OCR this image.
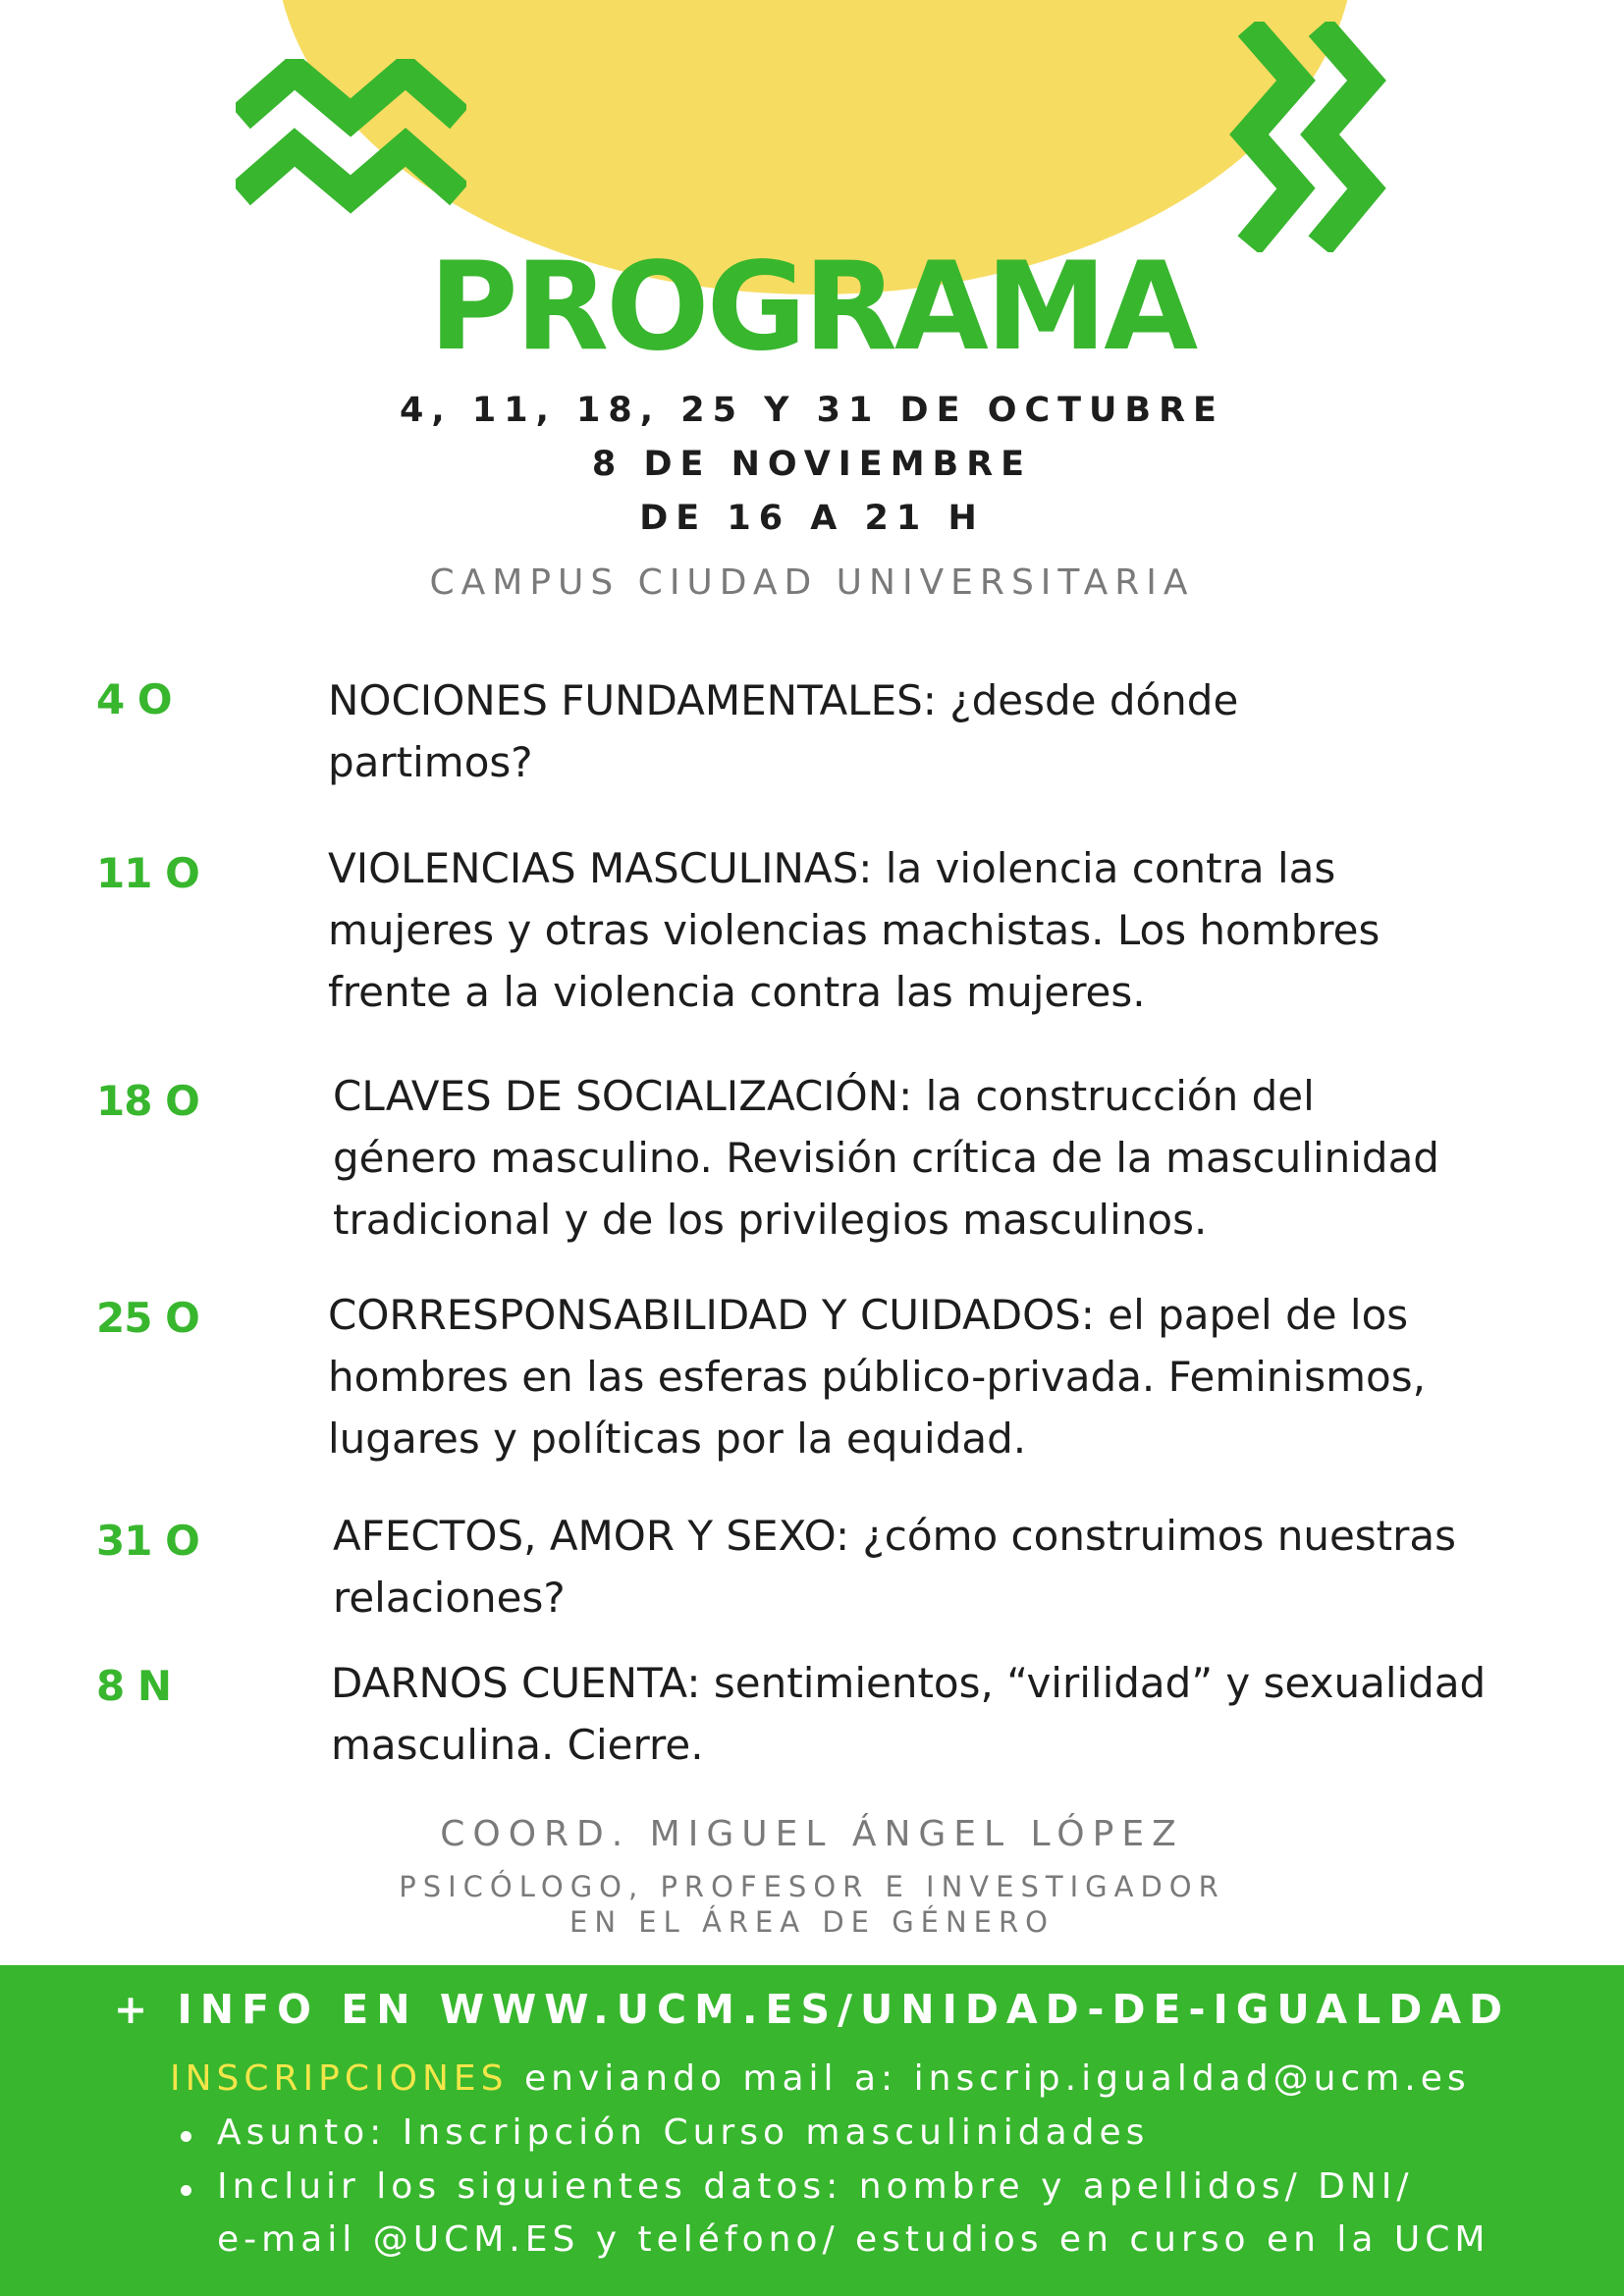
PROGRAMA
4, 11, 18, 25 Y 31 DE OCTUBRE
8 DE NOVIEMBRE
DE 16 A 21 H
CAMPUS CIUDAD UNIVERSITARIA
4 O	NOCIONES FUNDAMENTALES: ¿desde dónde
partimos?
11 O	VIOLENCIAS MASCULINAS: la violencia contra las
mujeres y otras violencias machistas. Los hombres
frente a la violencia contra las mujeres.
18 O	CLAVES DE SOCIALIZACIÓN: la construcción del
género masculino. Revisión crítica de la masculinidad
tradicional y de los privilegios masculinos.
25 O	CORRESPONSABILIDAD Y CUIDADOS: el papel de los
hombres en las esferas público-privada. Feminismos,
lugares y políticas por la equidad.
31 O	AFECTOS, AMOR Y SEXO: ¿cómo construimos nuestras
relaciones?
8 N	DARNOS CUENTA: sentimientos, “virilidad” y sexualidad
masculina. Cierre.
COORD. MIGUEL ÁNGEL LÓPEZ
PSICÓLOGO, PROFESOR E INVESTIGADOR
EN EL ÁREA DE GÉNERO
+ INFO EN WWW.UCM.ES/UNIDAD-DE-IGUALDAD
INSCRIPCIONES enviando mail a: inscrip.igualdad@ucm.es
Asunto: Inscripción Curso masculinidades
Incluir los siguientes datos: nombre y apellidos/ DNI/
e-mail @UCM.ES y teléfono/ estudios en curso en la UCM
